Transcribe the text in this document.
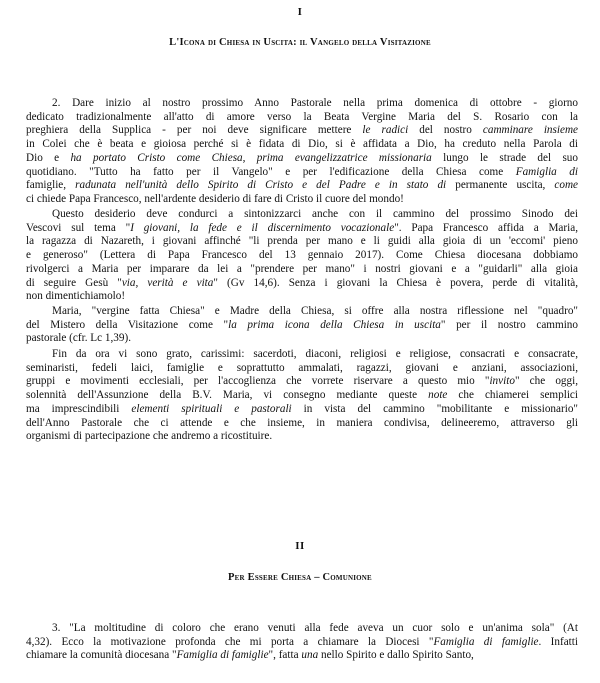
I
L'Icona di Chiesa in Uscita: il Vangelo della Visitazione
2. Dare inizio al nostro prossimo Anno Pastorale nella prima domenica di ottobre - giorno
dedicato tradizionalmente all'atto di amore verso la Beata Vergine Maria del S. Rosario con la
preghiera della Supplica - per noi deve significare mettere le radici del nostro camminare insieme
in Colei che è beata e gioiosa perché si è fidata di Dio, si è affidata a Dio, ha creduto nella Parola di
Dio e ha portato Cristo come Chiesa, prima evangelizzatrice missionaria lungo le strade del suo
quotidiano. "Tutto ha fatto per il Vangelo" e per l'edificazione della Chiesa come Famiglia di
famiglie, radunata nell'unità dello Spirito di Cristo e del Padre e in stato di permanente uscita, come
ci chiede Papa Francesco, nell'ardente desiderio di fare di Cristo il cuore del mondo!
Questo desiderio deve condurci a sintonizzarci anche con il cammino del prossimo Sinodo dei
Vescovi sul tema "I giovani, la fede e il discernimento vocazionale". Papa Francesco affida a Maria,
la ragazza di Nazareth, i giovani affinché "li prenda per mano e li guidi alla gioia di un 'eccomi' pieno
e generoso" (Lettera di Papa Francesco del 13 gennaio 2017). Come Chiesa diocesana dobbiamo
rivolgerci a Maria per imparare da lei a "prendere per mano" i nostri giovani e a "guidarli" alla gioia
di seguire Gesù "via, verità e vita" (Gv 14,6). Senza i giovani la Chiesa è povera, perde di vitalità,
non dimentichiamolo!
Maria, "vergine fatta Chiesa" e Madre della Chiesa, si offre alla nostra riflessione nel "quadro"
del Mistero della Visitazione come "la prima icona della Chiesa in uscita" per il nostro cammino
pastorale (cfr. Lc 1,39).
Fin da ora vi sono grato, carissimi: sacerdoti, diaconi, religiosi e religiose, consacrati e consacrate,
seminaristi, fedeli laici, famiglie e soprattutto ammalati, ragazzi, giovani e anziani, associazioni,
gruppi e movimenti ecclesiali, per l'accoglienza che vorrete riservare a questo mio "invito" che oggi,
solennità dell'Assunzione della B.V. Maria, vi consegno mediante queste note che chiamerei semplici
ma imprescindibili elementi spirituali e pastorali in vista del cammino "mobilitante e missionario"
dell'Anno Pastorale che ci attende e che insieme, in maniera condivisa, delineeremo, attraverso gli
organismi di partecipazione che andremo a ricostituire.
II
Per Essere Chiesa – Comunione
3. "La moltitudine di coloro che erano venuti alla fede aveva un cuor solo e un'anima sola" (At
4,32). Ecco la motivazione profonda che mi porta a chiamare la Diocesi "Famiglia di famiglie. Infatti
chiamare la comunità diocesana "Famiglia di famiglie", fatta una nello Spirito e dallo Spirito Santo,
